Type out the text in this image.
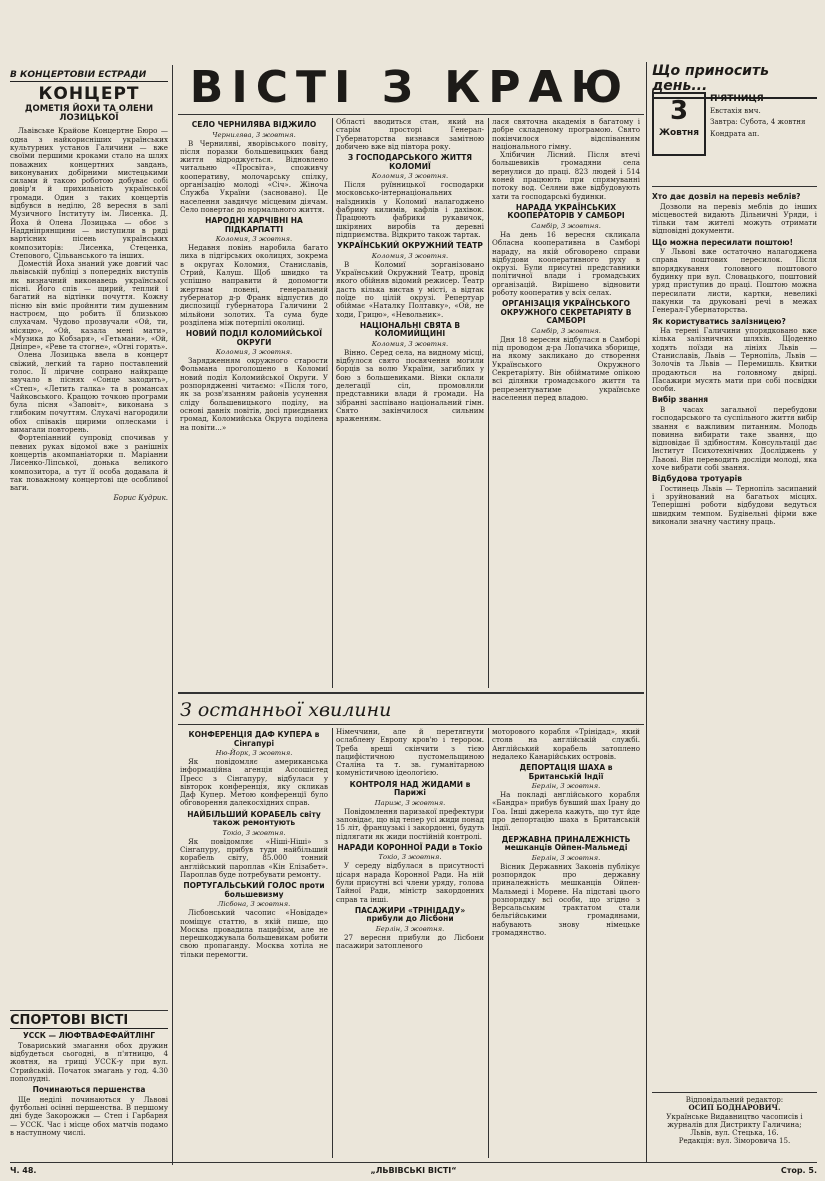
В КОНЦЕРТОВІЙ ЕСТРАДИ
КОНЦЕРТ
ДОМЕТІЯ ЙОХИ ТА ОЛЕНИ ЛОЗИЦЬКОЇ

Львівське Крайове Концертне Бюро — одна з найкорисніших українських культурних установ Галичини — вже своїми першими кроками стало на шлях поважних концертних завдань, виконуваних добірними мистецькими силами й такою роботою добуває собі довір'я й прихильність української громади. Один з таких концертів відбувся в неділю, 28 вересня в залі Музичного Інституту ім. Лисенка. Д. Йоха й Олена Лозицька — обоє з Наддніпрянщини — виступили в ряді вартісних пісень українських композиторів: Лисенка, Стеценка, Степового, Сільванського та інших.

Доместій Йоха знаний уже довгий час львівській публіці з попередніх виступів як визначний виконавець української пісні. Його спів — щирий, теплий і багатий на відтінки почуття. Кожну пісню він вміє пройняти тим душевним настроєм, що робить її близькою слухачам. Чудово прозвучали «Ой, ти, місяцю», «Ой, казала мені мати», «Музика до Кобзаря», «Гетьмани», «Ой, Дніпре», «Ревe та стогне», «Огні горять».

Олена Лозицька ввела в концерт свіжий, легкий та гарно поставлений голос. Її ліричне сопрано найкраще звучало в піснях «Сонце заходить», «Степ», «Летить галка» та в романсах Чайковського. Кращою точкою програми була пісня «Заповіт», виконана з глибоким почуттям. Слухачі нагородили обох співаків щирими оплесками і вимагали повторень.

Фортепіанний супровід спочивав у певних руках відомої вже з ранішніх концертів акомпаніаторки п. Маріанни Лисенко-Ліпської, донька великого композитора, а тут її особа додавала й так поважному концертові ще особливої ваги.

Борис Кудрик.
СПОРТОВІ ВІСТІ
УССК — ЛЮФТВАФЕФАЙТЛІНГ

Товариський змагання обох дружин відбудеться сьогодні, в п'ятницю, 4 жовтня, на грищі УССК-у при вул. Стрийській. Початок змагань у год. 4.30 пополудні.

Починаються першенства

Ще неділі починаються у Львові футбольні осінні першенства. В першому дні буде Закорожжя — Степ і Гарбарня — УССК. Час і місце обох матчів подамо в наступному числі.

ВІСТІ З КРАЮ
СЕЛО ЧЕРНИЛЯВА ВІДЖИЛО
Чернилява, 3 жовтня.

В Черниляві, яворівського повіту, після поразки большевицьких банд життя відроджується. Відновлено читальню «Просвіта», споживчу кооперативу, молочарську спілку, організацію молоді «Січ». Жіноча Служба України (засновано). Це населення завдячує місцевим діячам. Село повертає до нормального життя.

НАРОДНІ ХАРЧІВНІ НА ПІДКАРПАТТІ
Коломия, 3 жовтня.

Недавня повінь наробила багато лиха в підгірських околицях, зокрема в округах Коломия, Станиславів, Стрий, Калуш. Щоб швидко та успішно направити й допомогти жертвам повені, генеральний губернатор д-р Франк відпустив до диспозиції губернатора Галичини 2 мільйони золотих. Та сума буде розділена між потерпілі околиці.

НОВИЙ ПОДІЛ КОЛОМИЙСЬКОЇ ОКРУГИ
Коломия, 3 жовтня.

Зарядженням окружного старости Фольманa проголошено в Коломиї новий поділ Коломийської Округи. У розпорядженні читаємо: «Після того, як за розв'язанням районів усунення сліду большевицького поділу, на основі давніх повітів, досі приєднаних громад, Коломийська Округа поділена на повіти...»

Області вводиться стан, який на старім просторі Генерал-Губернаторства визнався замітною добичею вже від півтора року.

З ГОСПОДАРСЬКОГО ЖИТТЯ КОЛОМИЇ
Коломия, 3 жовтня.

Після руїнницької господарки московсько-інтернаціональних наїздників у Коломиї налагоджено фабрику килимів, кафлів і дахівок. Працюють фабрики рукавичок, шкіряних виробів та деревні підприємства. Відкрито також тартак.

УКРАЇНСЬКИЙ ОКРУЖНИЙ ТЕАТР
Коломия, 3 жовтня.

В Коломиї зорганізовано Український Окружний Театр, провід якого обійняв відомий режисер. Театр дасть кілька вистав у місті, а відтак поїде по цілій окрузі. Репертуар обіймає «Наталку Полтавку», «Ой, не ходи, Грицю», «Невольник».

НАЦІОНАЛЬНІ СВЯТА В КОЛОМИЙЩИНІ
Коломия, 3 жовтня.

Вінно. Серед села, на видному місці, відбулося свято посвячення могили борців за волю України, загиблих у бою з большевиками. Вінки склали делегації сіл, промовляли представники влади й громади. На зібранні заспівано національний гімн. Свято закінчилося сильним враженням.

лася святочна академія в багатому і добре складеному програмою. Свято покінчилося відспіванням національного гімну.

Хлібичин Лісний. Після втечі большевиків громадяни села вернулися до праці. 823 людей і 514 коней працюють при спрямуванні потоку вод. Селяни вже відбудовують хати та господарські будинки.

НАРАДА УКРАЇНСЬКИХ КООПЕРАТОРІВ У САМБОРІ
Самбір, 3 жовтня.

На день 16 вересня скликала Обласна кооперативна в Самборі нараду, на якій обговорено справи відбудови кооперативного руху в окрузі. Були присутні представники політичної влади і громадських організацій. Вирішено відновити роботу кооператив у всіх селах.

ОРГАНІЗАЦІЯ УКРАЇНСЬКОГО ОКРУЖНОГО СЕКРЕТАРІЯТУ В САМБОРІ
Самбір, 3 жовтня.

Дня 18 вересня відбулася в Самборі під проводом д-ра Лопачика зборище, на якому закликано до створення Українського Окружного Секретаріяту. Він обійматиме опікою всі ділянки громадського життя та репрезентуватиме українське населення перед владою.

Що приносить день...
3
Жовтня
П'ЯТНИЦЯ
Евстахія вмч.
Завтра: Субота, 4 жовтня
Кондрата ап.
Хто дає дозвіл на перевіз меблів?

Дозволи на перевіз меблів до інших місцевостей видають Дільничні Уряди, і тільки там жителі можуть отримати відповідні документи.

Що можна пересилати поштою!

У Львові вже остаточно налагоджена справа поштових пересилок. Після впорядкування головного поштового будинку при вул. Словацького, поштовий уряд приступив до праці. Поштою можна пересилати листи, картки, невеликі пакунки та друковані речі в межах Генерал-Губернаторства.

Як користуватись залізницею?

На терені Галичини упорядковано вже кілька залізничних шляхів. Щоденно ходять поїзди на лініях Львів — Станиславів, Львів — Тернопіль, Львів — Золочів та Львів — Перемишль. Квитки продаються на головному двірці. Пасажири мусять мати при собі посвідки особи.

Вибір звання

В часах загальної перебудови господарського та суспільного життя вибір звання є важливим питанням. Молодь повинна вибирати таке звання, що відповідає її здібностям. Консультації дає Інститут Психотехнічних Досліджень у Львові. Він переводить досліди молоді, яка хоче вибрати собі звання.

Відбудова тротуарів

Гостинець Львів — Тернопіль засипаний і зруйнований на багатьох місцях. Теперішні роботи відбудови ведуться швидким темпом. Будівельні фірми вже виконали значну частину праць.

Відповідальний редактор:
ОСИП БОДНАРОВИЧ.
Українське Видавництво часописів і журналів для Дистрикту Галичина;
Львів, вул. Стецька, 16.
Редакція: вул. Зіморовича 15.
З останньої хвилини
КОНФЕРЕНЦІЯ ДАФ КУПЕРА в Сінгапурі
Ню-Йорк, 3 жовтня.

Як повідомляє американська інформаційна агенція Ассошієтед Пресс з Сінгапуру, відбулася у вівторок конференція, яку скликав Даф Купер. Метою конференції було обговорення далекосхідних справ.

НАЙБІЛЬШИЙ КОРАБЕЛЬ світу також ремонтують
Токіо, 3 жовтня.

Як повідомляє «Ніші-Ніші» з Сінгапуру, прибув туди найбільший корабель світу, 85.000 тонний англійський пароплав «Кін Елізабет». Пароплав буде потребувати ремонту.

ПОРТУГАЛЬСЬКИЙ ГОЛОС проти большевизму
Лісбона, 3 жовтня.

Лісбонський часопис «Новідаде» поміщує статтю, в якій пише, що Москва провадила пацифізм, але не перешкоджувала большевикам робити свою пропаганду. Москва хотіла не тільки перемогти.

Німеччини, але й перетягнути ослаблену Европу кров'ю і терором. Треба вреші скінчити з тією пацифістичною пустомельщиною Сталіна та т. зв. гуманітарною комуністичною ідеологією.

КОНТРОЛЯ НАД ЖИДАМИ в Парижі
Париж, 3 жовтня.

Повідомлення паризької префектури заповідає, що від тепер усі жиди понад 15 літ, французькі і закордонні, будуть підлягати як жиди постійній контролі.

НАРАДИ КОРОННОЇ РАДИ в Токіо
Токіо, 3 жовтня.

У середу відбулася в присутності цісаря нарада Коронної Ради. На ній були присутні всі члени уряду, голова Тайної Ради, міністр закордонних справ та інші.

ПАСАЖИРИ «ТРІНІДАДУ» прибули до Лісбони
Берлін, 3 жовтня.

27 вересня прибули до Лісбони пасажири затопленого

моторового корабля «Трінідад», який стояв на англійській службі. Англійський корабель затоплено недалеко Канарійських островів.

ДЕПОРТАЦІЯ ШАХА в Британській Індії
Берлін, 3 жовтня.

На покладі англійського корабля «Бандра» прибув бувший шах Ірану до Гоа. Інші джерела кажуть, що тут йде про депортацію шаха в Британській Індії.

ДЕРЖАВНА ПРИНАЛЕЖНІСТЬ мешканців Ойпен-Мальмеді
Берлін, 3 жовтня.

Вісник Державних Законів публікує розпорядок про державну приналежність мешканців Ойпен-Мальмеді і Морене. На підставі цього розпорядку всі особи, що згідно з Версальським трактатом стали бельгійськими громадянами, набувають знову німецьке громадянство.

Ч. 48.	„ЛЬВІВСЬКІ ВІСТІ“	Стор. 5.
